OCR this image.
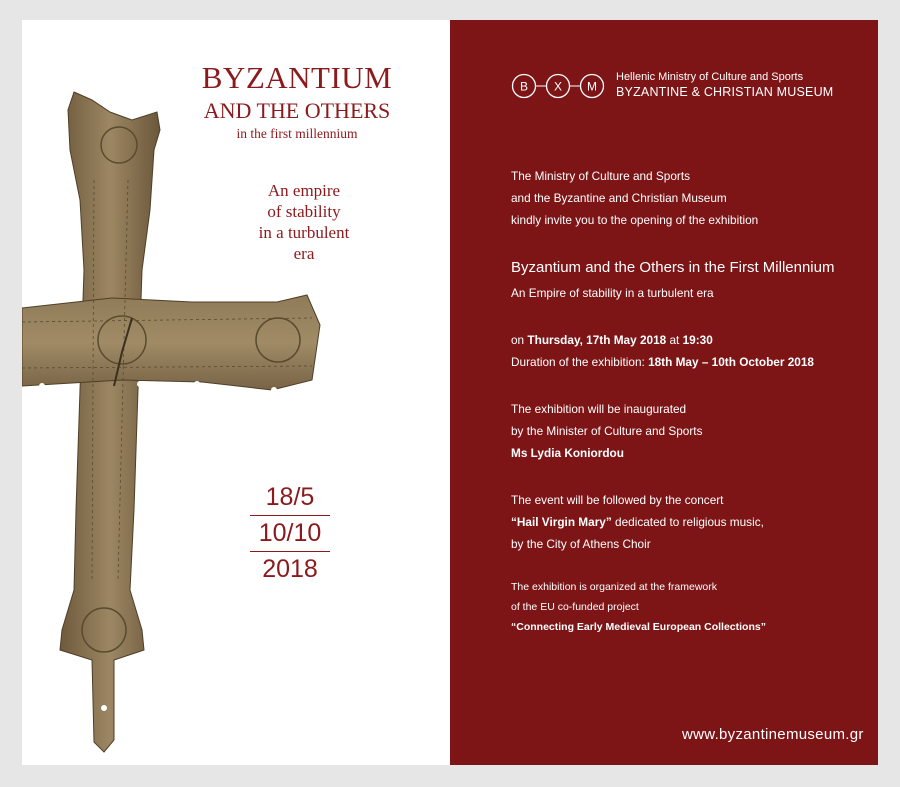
BYZANTIUM
AND THE OTHERS
in the first millennium
An empire
of stability
in a turbulent
era
18/5
10/10
2018
B X M
Hellenic Ministry of Culture and Sports
BYZANTINE & CHRISTIAN MUSEUM
The Ministry of Culture and Sports
and the Byzantine and Christian Museum
kindly invite you to the opening of the exhibition
Byzantium and the Others in the First Millennium
An Empire of stability in a turbulent era
on Thursday, 17th May 2018 at 19:30
Duration of the exhibition: 18th May – 10th October 2018
The exhibition will be inaugurated
by the Minister of Culture and Sports
Ms Lydia Koniordou
The event will be followed by the concert
“Hail Virgin Mary” dedicated to religious music,
by the City of Athens Choir
The exhibition is organized at the framework
of the EU co-funded project
“Connecting Early Medieval European Collections”
www.byzantinemuseum.gr
